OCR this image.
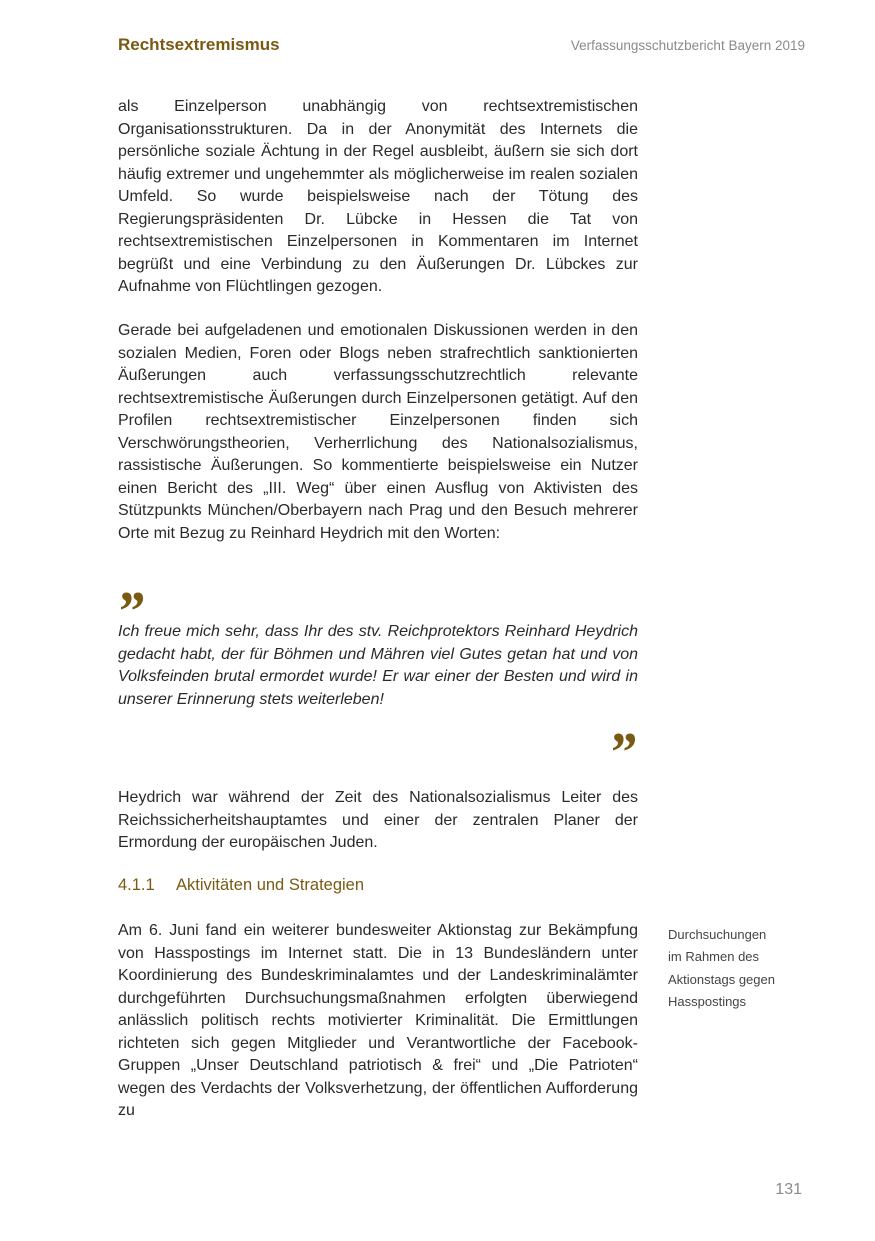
Rechtsextremismus	Verfassungsschutzbericht Bayern 2019

als Einzelperson unabhängig von rechtsextremistischen Organisationsstrukturen. Da in der Anonymität des Internets die persönliche soziale Ächtung in der Regel ausbleibt, äußern sie sich dort häufig extremer und ungehemmter als möglicherweise im realen sozialen Umfeld. So wurde beispielsweise nach der Tötung des Regierungspräsidenten Dr. Lübcke in Hessen die Tat von rechtsextremistischen Einzelpersonen in Kommentaren im Internet begrüßt und eine Verbindung zu den Äußerungen Dr. Lübckes zur Aufnahme von Flüchtlingen gezogen.

Gerade bei aufgeladenen und emotionalen Diskussionen werden in den sozialen Medien, Foren oder Blogs neben strafrechtlich sanktionierten Äußerungen auch verfassungsschutzrechtlich relevante rechtsextremistische Äußerungen durch Einzelpersonen getätigt. Auf den Profilen rechtsextremistischer Einzelpersonen finden sich Verschwörungstheorien, Verherrlichung des Nationalsozialismus, rassistische Äußerungen. So kommentierte beispielsweise ein Nutzer einen Bericht des „III. Weg“ über einen Ausflug von Aktivisten des Stützpunkts München/Oberbayern nach Prag und den Besuch mehrerer Orte mit Bezug zu Reinhard Heydrich mit den Worten:

”
Ich freue mich sehr, dass Ihr des stv. Reichprotektors Reinhard Heydrich gedacht habt, der für Böhmen und Mähren viel Gutes getan hat und von Volksfeinden brutal ermordet wurde! Er war einer der Besten und wird in unserer Erinnerung stets weiterleben!
”

Heydrich war während der Zeit des Nationalsozialismus Leiter des Reichssicherheitshauptamtes und einer der zentralen Planer der Ermordung der europäischen Juden.

4.1.1 Aktivitäten und Strategien

Am 6. Juni fand ein weiterer bundesweiter Aktionstag zur Bekämpfung von Hasspostings im Internet statt. Die in 13 Bundesländern unter Koordinierung des Bundeskriminalamtes und der Landeskriminalämter durchgeführten Durchsuchungsmaßnahmen erfolgten überwiegend anlässlich politisch rechts motivierter Kriminalität. Die Ermittlungen richteten sich gegen Mitglieder und Verantwortliche der Facebook-Gruppen „Unser Deutschland patriotisch & frei“ und „Die Patrioten“ wegen des Verdachts der Volksverhetzung, der öffentlichen Aufforderung zu

Durchsuchungen
im Rahmen des
Aktionstags gegen
Hasspostings
131
